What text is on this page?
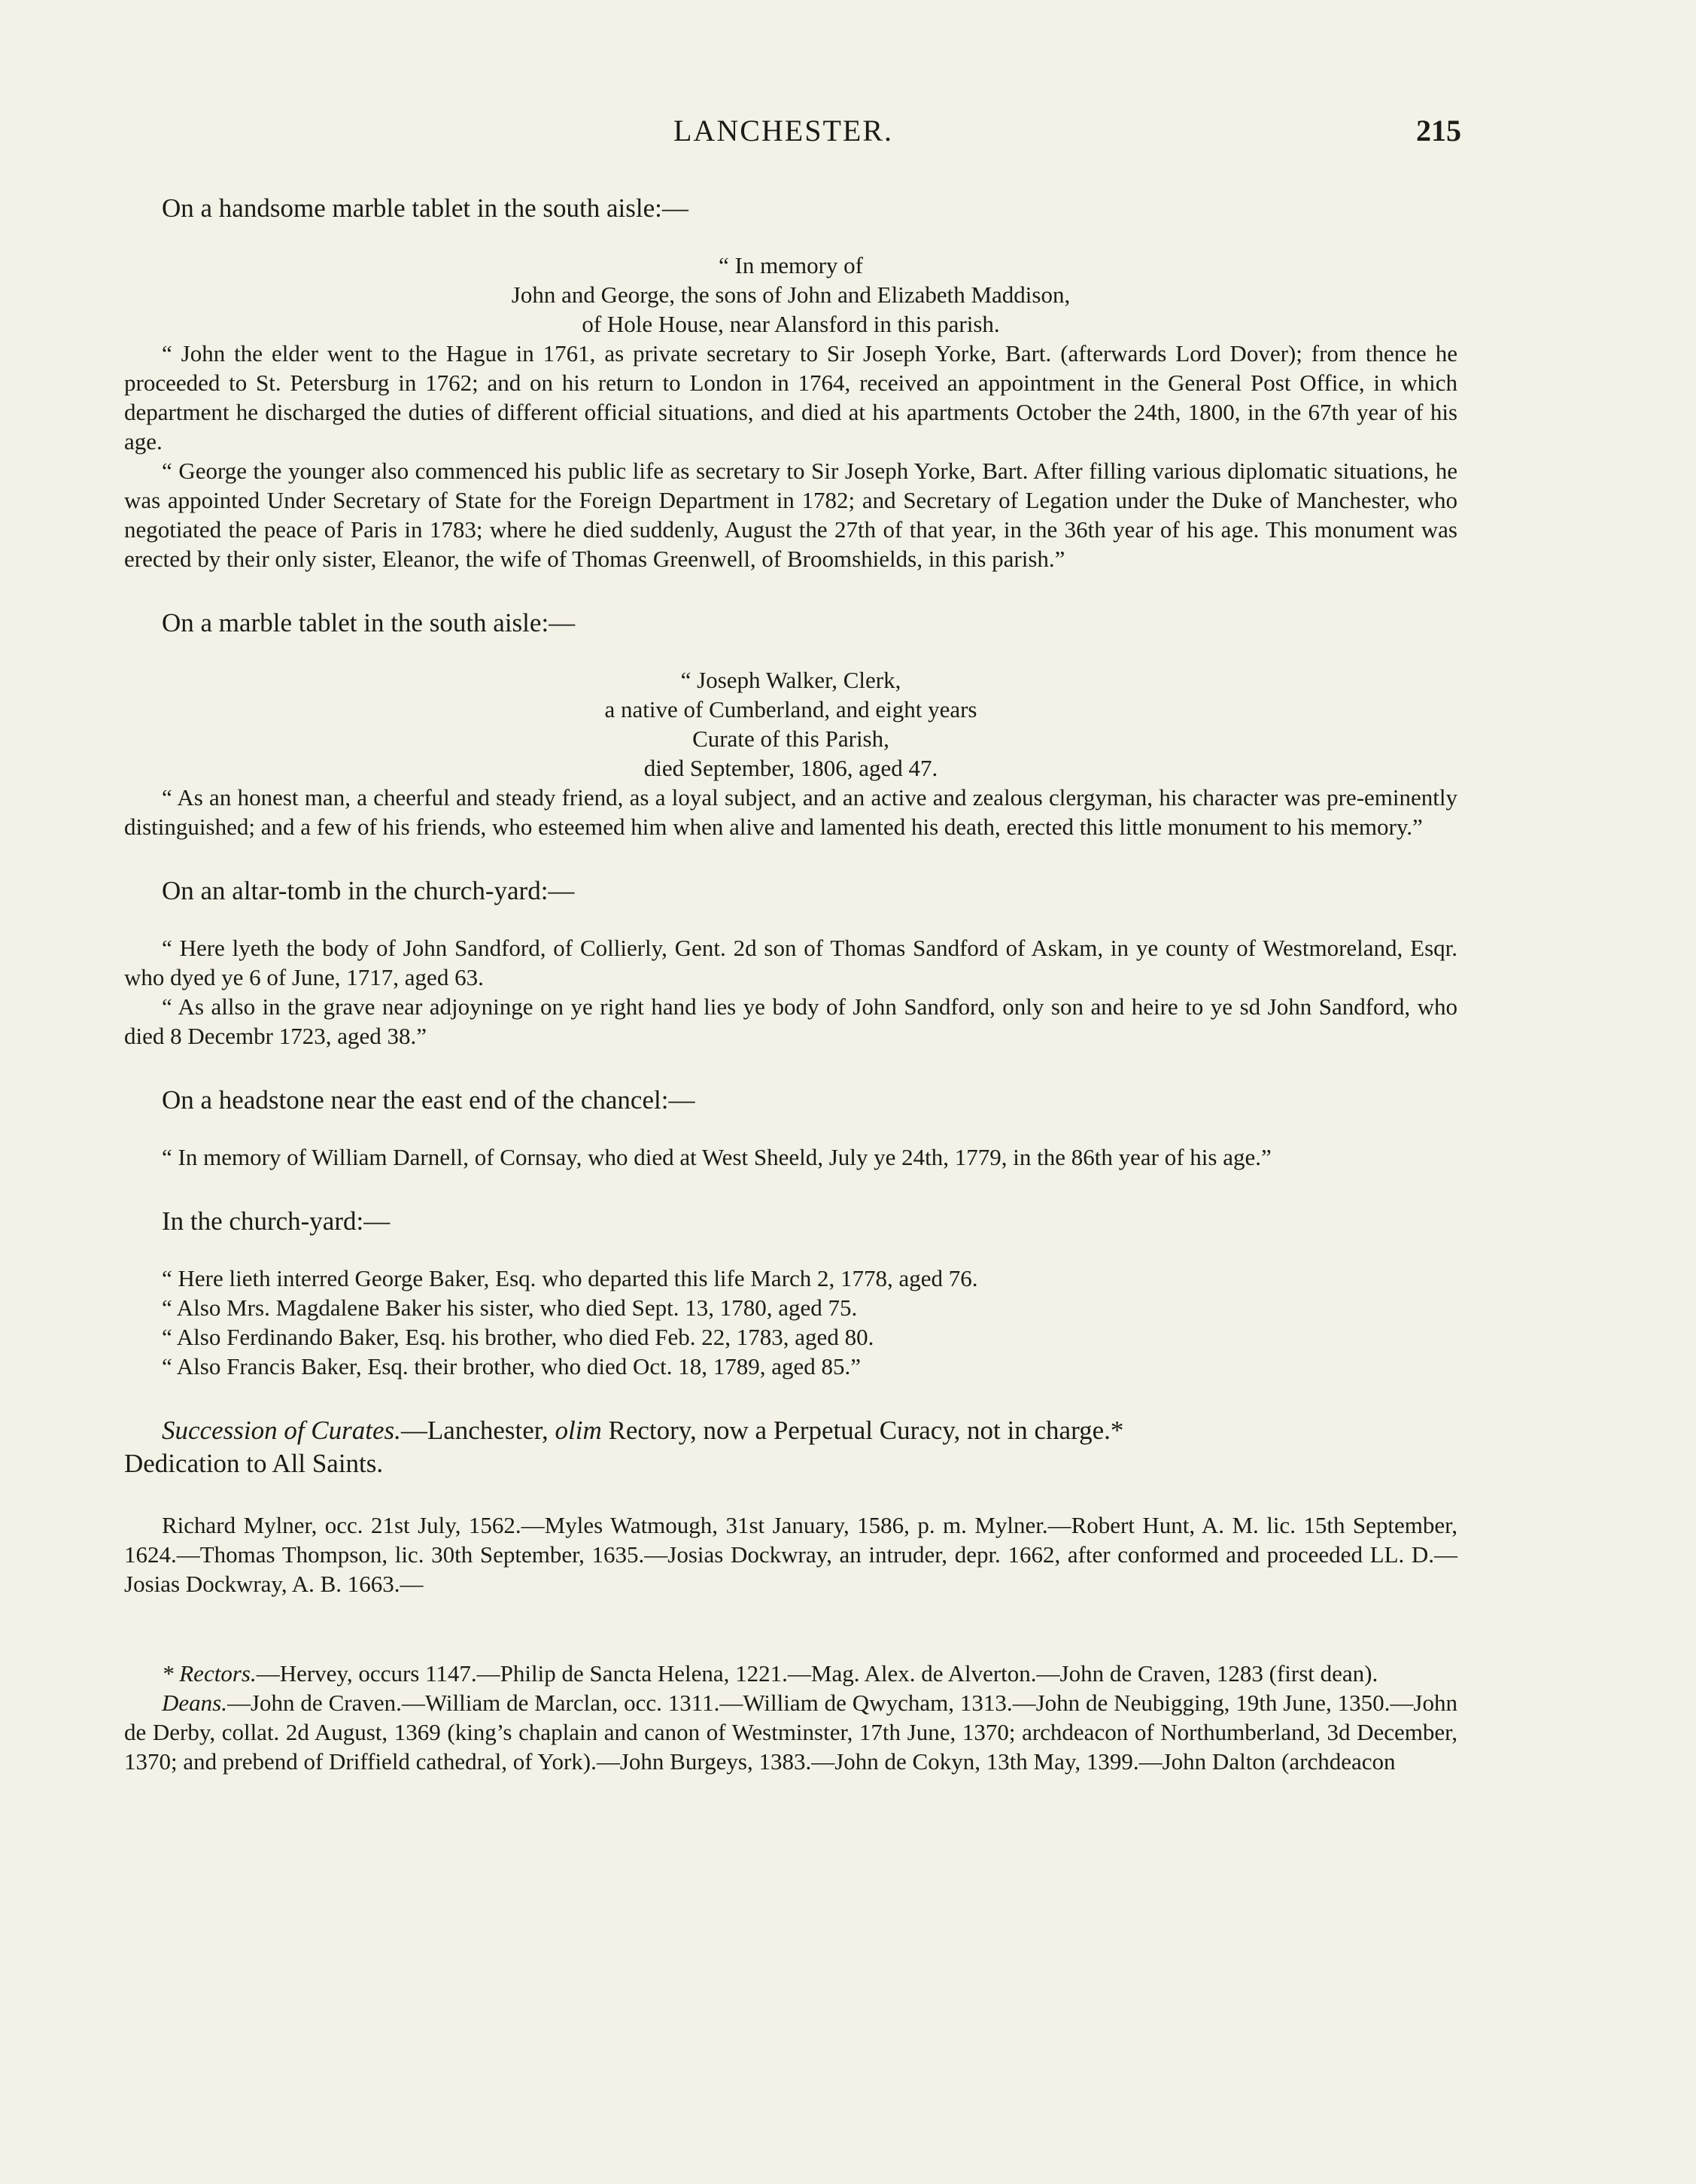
LANCHESTER.	215

On a handsome marble tablet in the south aisle:—

“ In memory of

John and George, the sons of John and Elizabeth Maddison,

of Hole House, near Alansford in this parish.

“ John the elder went to the Hague in 1761, as private secretary to Sir Joseph Yorke, Bart. (afterwards Lord Dover); from thence he proceeded to St. Petersburg in 1762; and on his return to London in 1764, received an appointment in the General Post Office, in which department he discharged the duties of different official situations, and died at his apartments October the 24th, 1800, in the 67th year of his age.

“ George the younger also commenced his public life as secretary to Sir Joseph Yorke, Bart. After filling various diplomatic situations, he was appointed Under Secretary of State for the Foreign Department in 1782; and Secretary of Legation under the Duke of Manchester, who negotiated the peace of Paris in 1783; where he died suddenly, August the 27th of that year, in the 36th year of his age. This monument was erected by their only sister, Eleanor, the wife of Thomas Greenwell, of Broomshields, in this parish.”

On a marble tablet in the south aisle:—

“ Joseph Walker, Clerk,

a native of Cumberland, and eight years

Curate of this Parish,

died September, 1806, aged 47.

“ As an honest man, a cheerful and steady friend, as a loyal subject, and an active and zealous clergyman, his character was pre-eminently distinguished; and a few of his friends, who esteemed him when alive and lamented his death, erected this little monument to his memory.”

On an altar-tomb in the church-yard:—

“ Here lyeth the body of John Sandford, of Collierly, Gent. 2d son of Thomas Sandford of Askam, in ye county of Westmoreland, Esqr. who dyed ye 6 of June, 1717, aged 63.

“ As allso in the grave near adjoyninge on ye right hand lies ye body of John Sandford, only son and heire to ye sd John Sandford, who died 8 Decembr 1723, aged 38.”

On a headstone near the east end of the chancel:—

“ In memory of William Darnell, of Cornsay, who died at West Sheeld, July ye 24th, 1779, in the 86th year of his age.”

In the church-yard:—

“ Here lieth interred George Baker, Esq. who departed this life March 2, 1778, aged 76.

“ Also Mrs. Magdalene Baker his sister, who died Sept. 13, 1780, aged 75.

“ Also Ferdinando Baker, Esq. his brother, who died Feb. 22, 1783, aged 80.

“ Also Francis Baker, Esq. their brother, who died Oct. 18, 1789, aged 85.”

Succession of Curates.—Lanchester, olim Rectory, now a Perpetual Curacy, not in charge.*

Dedication to All Saints.

Richard Mylner, occ. 21st July, 1562.—Myles Watmough, 31st January, 1586, p. m. Mylner.—Robert Hunt, A. M. lic. 15th September, 1624.—Thomas Thompson, lic. 30th September, 1635.—Josias Dockwray, an intruder, depr. 1662, after conformed and proceeded LL. D.—Josias Dockwray, A. B. 1663.—

* Rectors.—Hervey, occurs 1147.—Philip de Sancta Helena, 1221.—Mag. Alex. de Alverton.—John de Craven, 1283 (first dean).

Deans.—John de Craven.—William de Marclan, occ. 1311.—William de Qwycham, 1313.—John de Neubigging, 19th June, 1350.—John de Derby, collat. 2d August, 1369 (king’s chaplain and canon of Westminster, 17th June, 1370; archdeacon of Northumberland, 3d December, 1370; and prebend of Driffield cathedral, of York).—John Burgeys, 1383.—John de Cokyn, 13th May, 1399.—John Dalton (archdeacon
